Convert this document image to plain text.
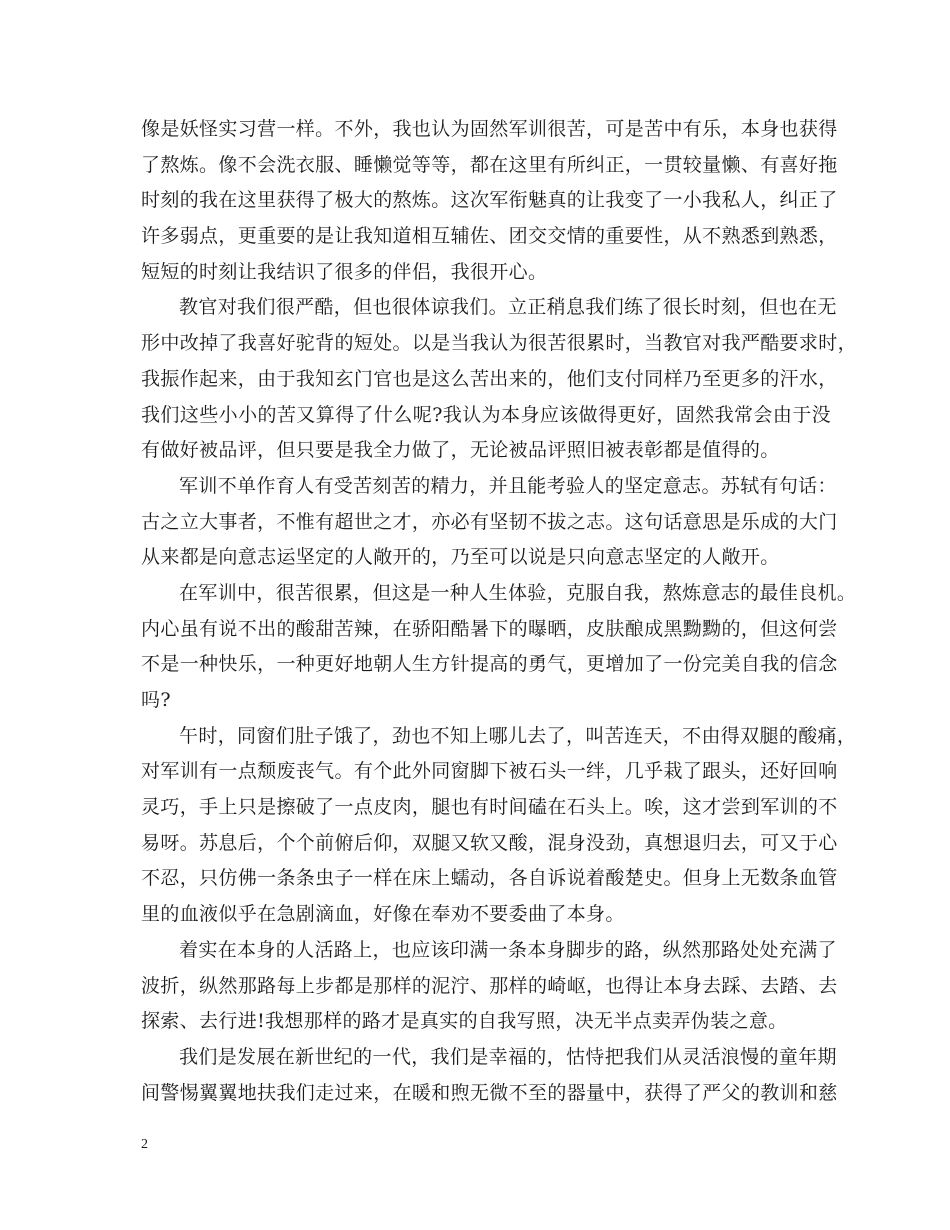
像是妖怪实习营一样。不外，我也认为固然军训很苦，可是苦中有乐，本身也获得
了熬炼。像不会洗衣服、睡懒觉等等，都在这里有所纠正，一贯较量懒、有喜好拖
时刻的我在这里获得了极大的熬炼。这次军衔魅真的让我变了一小我私人，纠正了
许多弱点，更重要的是让我知道相互辅佐、团交交情的重要性，从不熟悉到熟悉，
短短的时刻让我结识了很多的伴侣，我很开心。
教官对我们很严酷，但也很体谅我们。立正稍息我们练了很长时刻，但也在无
形中改掉了我喜好驼背的短处。以是当我认为很苦很累时，当教官对我严酷要求时，
我振作起来，由于我知玄门官也是这么苦出来的，他们支付同样乃至更多的汗水，
我们这些小小的苦又算得了什么呢?我认为本身应该做得更好，固然我常会由于没
有做好被品评，但只要是我全力做了，无论被品评照旧被表彰都是值得的。
军训不单作育人有受苦刻苦的精力，并且能考验人的坚定意志。苏轼有句话：
古之立大事者，不惟有超世之才，亦必有坚韧不拔之志。这句话意思是乐成的大门
从来都是向意志运坚定的人敞开的，乃至可以说是只向意志坚定的人敞开。
在军训中，很苦很累，但这是一种人生体验，克服自我，熬炼意志的最佳良机。
内心虽有说不出的酸甜苦辣，在骄阳酷暑下的曝晒，皮肤酿成黑黝黝的，但这何尝
不是一种快乐，一种更好地朝人生方针提高的勇气，更增加了一份完美自我的信念
吗?
午时，同窗们肚子饿了，劲也不知上哪儿去了，叫苦连天，不由得双腿的酸痛，
对军训有一点颓废丧气。有个此外同窗脚下被石头一绊，几乎栽了跟头，还好回响
灵巧，手上只是擦破了一点皮肉，腿也有时间磕在石头上。唉，这才尝到军训的不
易呀。苏息后，个个前俯后仰，双腿又软又酸，混身没劲，真想退归去，可又于心
不忍，只仿佛一条条虫子一样在床上蠕动，各自诉说着酸楚史。但身上无数条血管
里的血液似乎在急剧滴血，好像在奉劝不要委曲了本身。
着实在本身的人活路上，也应该印满一条本身脚步的路，纵然那路处处充满了
波折，纵然那路每上步都是那样的泥泞、那样的崎岖，也得让本身去踩、去踏、去
探索、去行进!我想那样的路才是真实的自我写照，决无半点卖弄伪装之意。
我们是发展在新世纪的一代，我们是幸福的，怙恃把我们从灵活浪慢的童年期
间警惕翼翼地扶我们走过来，在暖和煦无微不至的器量中，获得了严父的教训和慈
2
